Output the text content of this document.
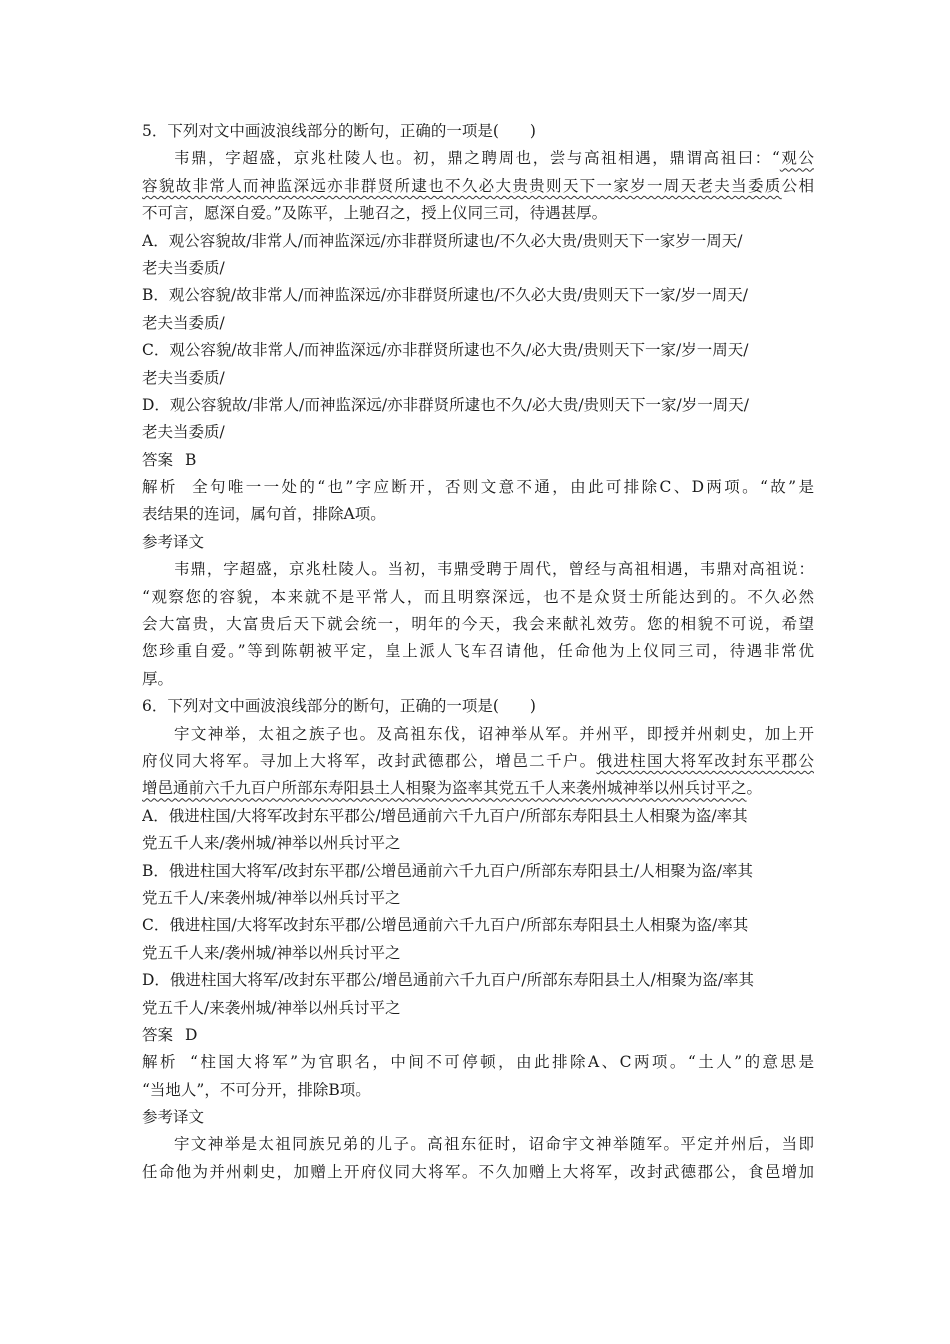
5．下列对文中画波浪线部分的断句，正确的一项是(　　)
韦鼎，字超盛，京兆杜陵人也。初，鼎之聘周也，尝与高祖相遇，鼎谓高祖曰：“观公
容貌故非常人而神监深远亦非群贤所逮也不久必大贵贵则天下一家岁一周天老夫当委质公相
不可言，愿深自爱。”及陈平，上驰召之，授上仪同三司，待遇甚厚。
A．观公容貌故/非常人/而神监深远/亦非群贤所逮也/不久必大贵/贵则天下一家岁一周天/
老夫当委质/
B．观公容貌/故非常人/而神监深远/亦非群贤所逮也/不久必大贵/贵则天下一家/岁一周天/
老夫当委质/
C．观公容貌/故非常人/而神监深远/亦非群贤所逮也不久/必大贵/贵则天下一家/岁一周天/
老夫当委质/
D．观公容貌故/非常人/而神监深远/亦非群贤所逮也不久/必大贵/贵则天下一家/岁一周天/
老夫当委质/
答案 B
解析 全句唯一一处的“也”字应断开，否则文意不通，由此可排除C、D两项。“故”是
表结果的连词，属句首，排除A项。
参考译文
韦鼎，字超盛，京兆杜陵人。当初，韦鼎受聘于周代，曾经与高祖相遇，韦鼎对高祖说：
“观察您的容貌，本来就不是平常人，而且明察深远，也不是众贤士所能达到的。不久必然
会大富贵，大富贵后天下就会统一，明年的今天，我会来献礼效劳。您的相貌不可说，希望
您珍重自爱。”等到陈朝被平定，皇上派人飞车召请他，任命他为上仪同三司，待遇非常优
厚。
6．下列对文中画波浪线部分的断句，正确的一项是(　　)
宇文神举，太祖之族子也。及高祖东伐，诏神举从军。并州平，即授并州刺史，加上开
府仪同大将军。寻加上大将军，改封武德郡公，增邑二千户。俄进柱国大将军改封东平郡公
增邑通前六千九百户所部东寿阳县土人相聚为盗率其党五千人来袭州城神举以州兵讨平之。
A．俄进柱国/大将军改封东平郡公/增邑通前六千九百户/所部东寿阳县土人相聚为盗/率其
党五千人来/袭州城/神举以州兵讨平之
B．俄进柱国大将军/改封东平郡/公增邑通前六千九百户/所部东寿阳县土/人相聚为盗/率其
党五千人/来袭州城/神举以州兵讨平之
C．俄进柱国/大将军改封东平郡/公增邑通前六千九百户/所部东寿阳县土人相聚为盗/率其
党五千人来/袭州城/神举以州兵讨平之
D．俄进柱国大将军/改封东平郡公/增邑通前六千九百户/所部东寿阳县土人/相聚为盗/率其
党五千人/来袭州城/神举以州兵讨平之
答案 D
解析 “柱国大将军”为官职名，中间不可停顿，由此排除A、C两项。“土人”的意思是
“当地人”，不可分开，排除B项。
参考译文
宇文神举是太祖同族兄弟的儿子。高祖东征时，诏命宇文神举随军。平定并州后，当即
任命他为并州刺史，加赠上开府仪同大将军。不久加赠上大将军，改封武德郡公，食邑增加
